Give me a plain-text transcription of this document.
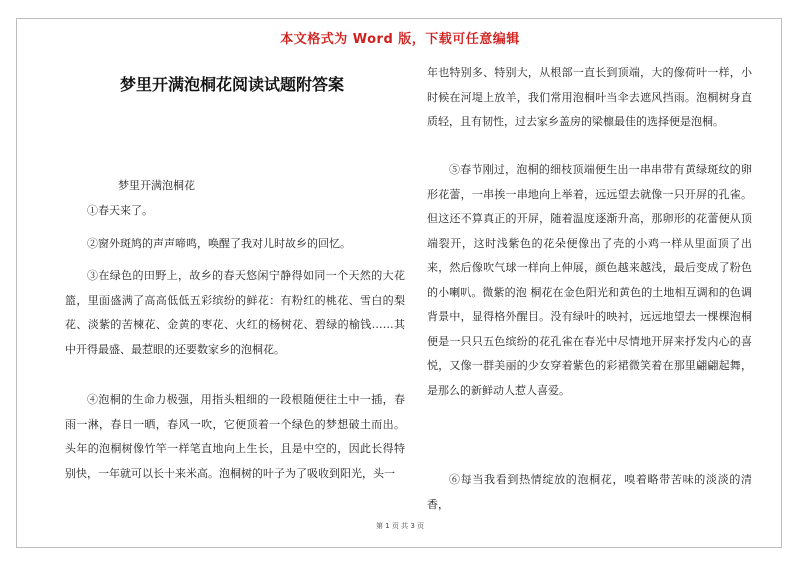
本文格式为 Word 版，下载可任意编辑
梦里开满泡桐花阅读试题附答案
梦里开满泡桐花

①春天来了。

②窗外斑鸠的声声啼鸣，唤醒了我对儿时故乡的回忆。

③在绿色的田野上，故乡的春天悠闲宁静得如同一个天然的大花篮，里面盛满了高高低低五彩缤纷的鲜花：有粉红的桃花、雪白的梨花、淡紫的苦楝花、金黄的枣花、火红的杨树花、碧绿的榆钱……其中开得最盛、最惹眼的还要数家乡的泡桐花。

④泡桐的生命力极强，用指头粗细的一段根随便往土中一插，春雨一淋，春日一晒，春风一吹，它便顶着一个绿色的梦想破土而出。头年的泡桐树像竹竿一样笔直地向上生长，且是中空的，因此长得特别快，一年就可以长十来米高。泡桐树的叶子为了吸收到阳光，头一

年也特别多、特别大，从根部一直长到顶端，大的像荷叶一样，小时候在河堤上放羊，我们常用泡桐叶当伞去遮风挡雨。泡桐树身直质轻，且有韧性，过去家乡盖房的梁檩最佳的选择便是泡桐。

⑤春节刚过，泡桐的细枝顶端便生出一串串带有黄绿斑纹的卵形花蕾，一串挨一串地向上举着，远远望去就像一只开屏的孔雀。但这还不算真正的开屏，随着温度逐渐升高，那卵形的花蕾便从顶端裂开，这时浅紫色的花朵便像出了壳的小鸡一样从里面顶了出来，然后像吹气球一样向上伸展，颜色越来越浅，最后变成了粉色的小喇叭。微紫的泡 桐花在金色阳光和黄色的土地相互调和的色调背景中，显得格外醒目。没有绿叶的映衬，远远地望去一棵棵泡桐便是一只只五色缤纷的花孔雀在春光中尽情地开屏来抒发内心的喜悦，又像一群美丽的少女穿着紫色的彩裙微笑着在那里翩翩起舞，是那么的新鲜动人惹人喜爱。

⑥每当我看到热情绽放的泡桐花，嗅着略带苦味的淡淡的清香，

第 1 页 共 3 页
